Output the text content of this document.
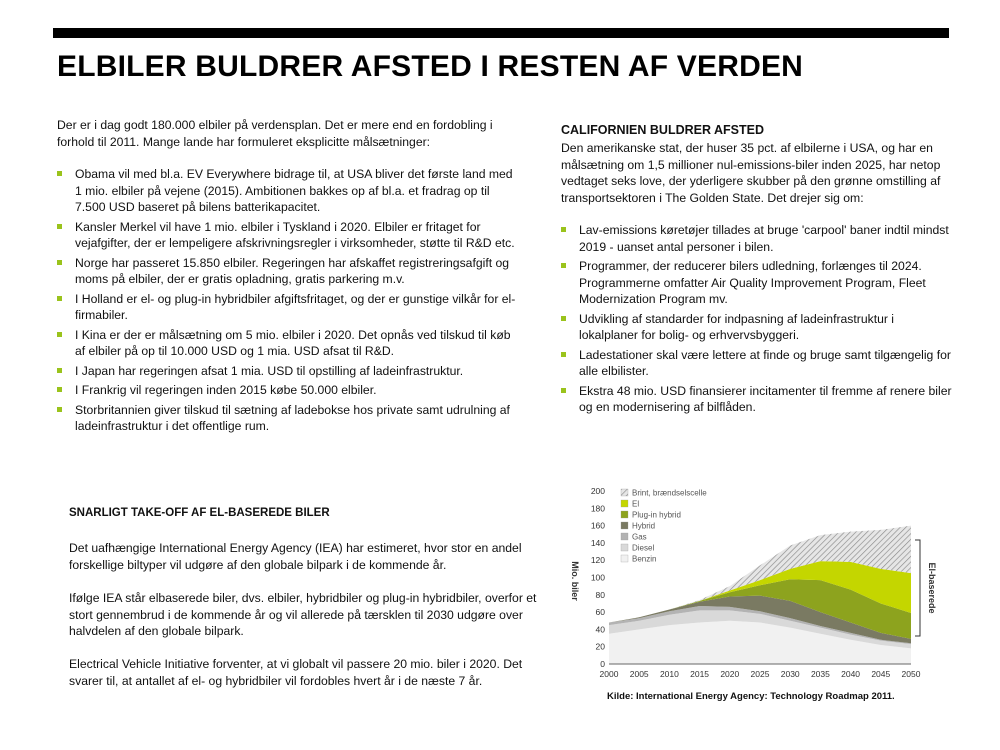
ELBILER BULDRER AFSTED I RESTEN AF VERDEN

Der er i dag godt 180.000 elbiler på verdensplan. Det er mere end en fordobling i forhold til 2011. Mange lande har formuleret eksplicitte målsætninger:

Obama vil med bl.a. EV Everywhere bidrage til, at USA bliver det første land med 1 mio. elbiler på vejene (2015). Ambitionen bakkes op af bl.a. et fradrag op til 7.500 USD baseret på bilens batterikapacitet.
Kansler Merkel vil have 1 mio. elbiler i Tyskland i 2020. Elbiler er fritaget for vejafgifter, der er lempeligere afskrivningsregler i virksomheder, støtte til R&D etc.
Norge har passeret 15.850 elbiler. Regeringen har afskaffet registreringsafgift og moms på elbiler, der er gratis opladning, gratis parkering m.v.
I Holland er el- og plug-in hybridbiler afgiftsfritaget, og der er gunstige vilkår for el-firmabiler.
I Kina er der er målsætning om 5 mio. elbiler i 2020. Det opnås ved tilskud til køb af elbiler på op til 10.000 USD og 1 mia. USD afsat til R&D.
I Japan har regeringen afsat 1 mia. USD til opstilling af ladeinfrastruktur.
I Frankrig vil regeringen inden 2015 købe 50.000 elbiler.
Storbritannien giver tilskud til sætning af ladebokse hos private samt udrulning af ladeinfrastruktur i det offentlige rum.
CALIFORNIEN BULDRER AFSTED

Den amerikanske stat, der huser 35 pct. af elbilerne i USA, og har en målsætning om 1,5 millioner nul-emissions-biler inden 2025, har netop vedtaget seks love, der yderligere skubber på den grønne omstilling af transportsektoren i The Golden State. Det drejer sig om:

Lav-emissions køretøjer tillades at bruge 'carpool' baner indtil mindst 2019 - uanset antal personer i bilen.
Programmer, der reducerer bilers udledning, forlænges til 2024. Programmerne omfatter Air Quality Improvement Program, Fleet Modernization Program mv.
Udvikling af standarder for indpasning af ladeinfrastruktur i lokalplaner for bolig- og erhvervsbyggeri.
Ladestationer skal være lettere at finde og bruge samt tilgængelig for alle elbilister.
Ekstra 48 mio. USD finansierer incitamenter til fremme af renere biler og en modernisering af bilflåden.
SNARLIGT TAKE-OFF AF EL-BASEREDE BILER

Det uafhængige International Energy Agency (IEA) har estimeret, hvor stor en andel forskellige biltyper vil udgøre af den globale bilpark i de kommende år.

Ifølge IEA står elbaserede biler, dvs. elbiler, hybridbiler og plug-in hybridbiler, overfor et stort gennembrud i de kommende år og vil allerede på tærsklen til 2030 udgøre over halvdelen af den globale bilpark.

Electrical Vehicle Initiative forventer, at vi globalt vil passere 20 mio. biler i 2020. Det svarer til, at antallet af el- og hybridbiler vil fordobles hvert år i de næste 7 år.

0
20
40
60
80
100
120
140
160
180
200
2000 2005 2010 2015 2020 2025 2030 2035 2040 2045 2050
Brint, brændselscelle
El
Plug-in hybrid
Hybrid
Gas
Diesel
Benzin
Mio. biler	El-baserede
Kilde: International Energy Agency: Technology Roadmap 2011.
